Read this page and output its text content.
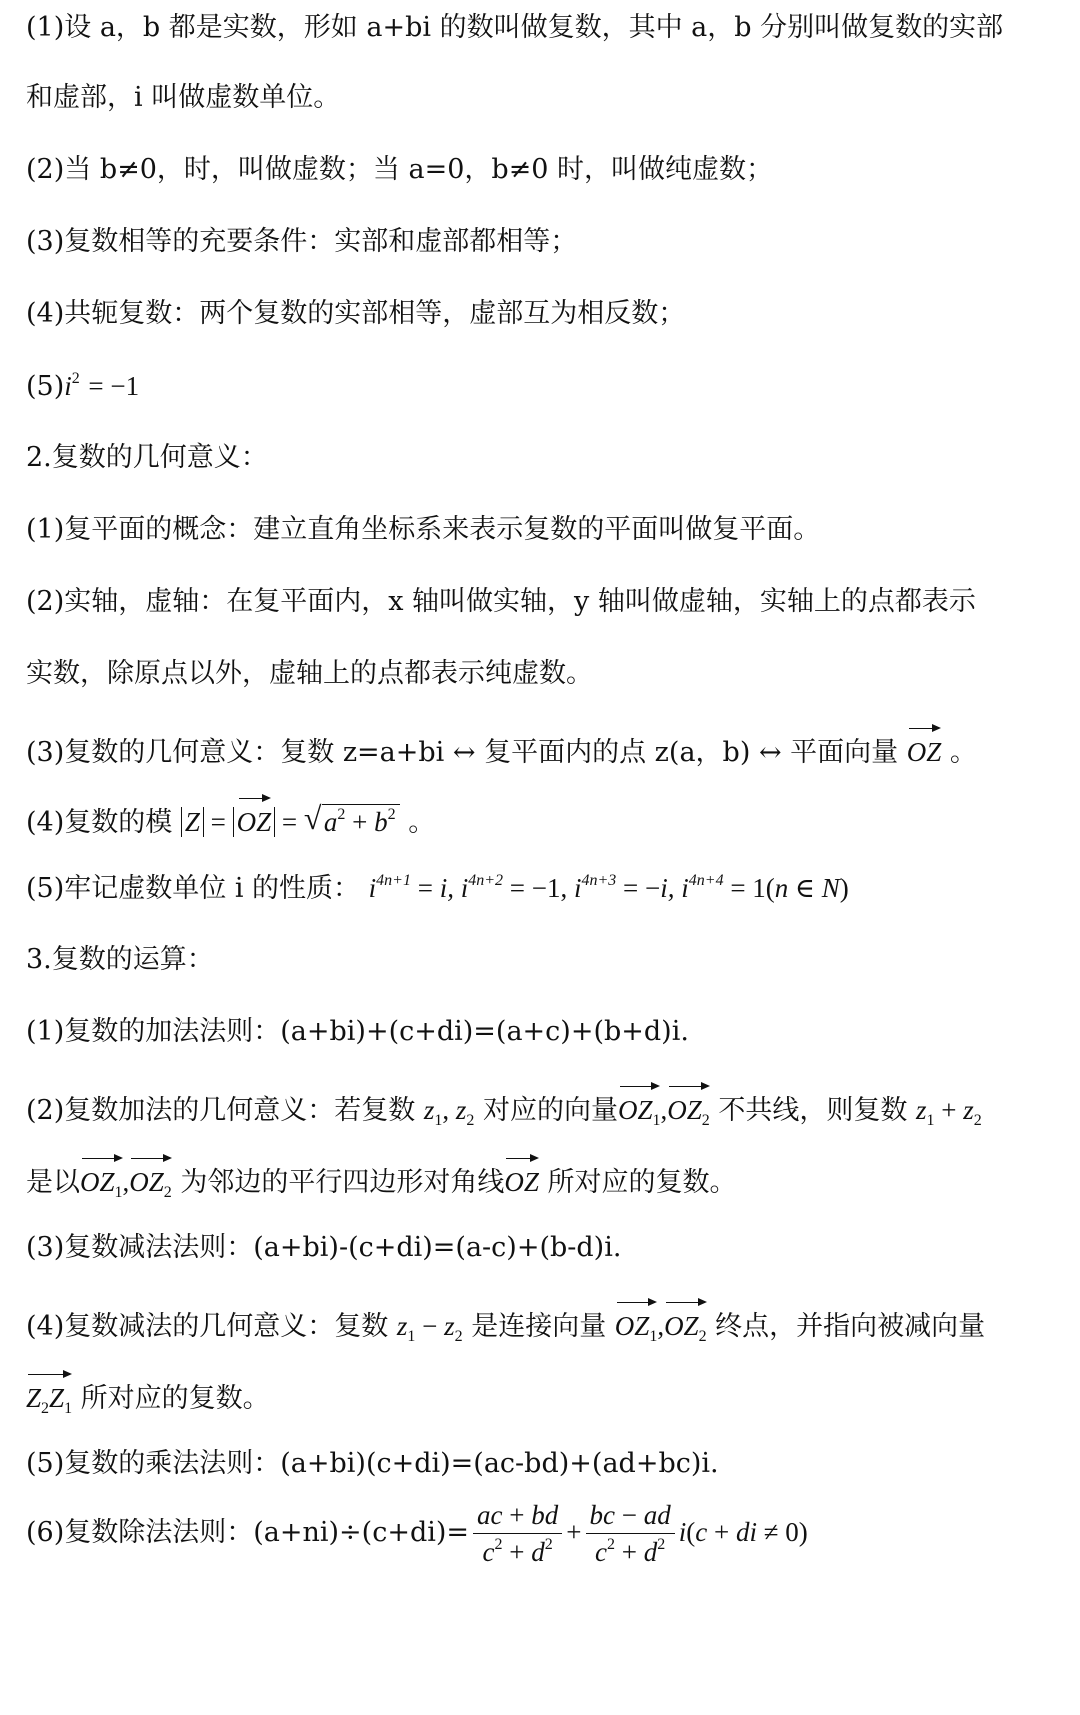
(1)设 a，b 都是实数，形如 a+bi 的数叫做复数，其中 a，b 分别叫做复数的实部
和虚部，i 叫做虚数单位。
(2)当 b≠0，时，叫做虚数；当 a=0，b≠0 时，叫做纯虚数；
(3)复数相等的充要条件：实部和虚部都相等；
(4)共轭复数：两个复数的实部相等，虚部互为相反数；
$(5)i^2 = -1$
2.复数的几何意义：
(1)复平面的概念：建立直角坐标系来表示复数的平面叫做复平面。
(2)实轴，虚轴：在复平面内，x 轴叫做实轴，y 轴叫做虚轴，实轴上的点都表示
实数，除原点以外，虚轴上的点都表示纯虚数。
(3)复数的几何意义：复数 z=a+bi ↔ 复平面内的点 z(a，b) ↔ 平面向量 OZ 。
(4)复数的模 Z = OZ = √ $a^2 + b^2$ 。
(5)牢记虚数单位 i 的性质： $i^{4n+1} = i$, $i^{4n+2} = -1$, $i^{4n+3} = -i$, $i^{4n+4} = 1(n$ ∈ N)
3.复数的运算：
(1)复数的加法法则：(a+bi)+(c+di)=(a+c)+(b+d)i.
(2)复数加法的几何意义：若复数 $z_1$, $z_2$ 对应的向量$OZ_1,OZ_2$ 不共线，则复数 $z_1 + z_2$
是以$OZ_1,OZ_2$ 为邻边的平行四边形对角线OZ 所对应的复数。
(3)复数减法法则：(a+bi)-(c+di)=(a-c)+(b-d)i.
(4)复数减法的几何意义：复数 $z_1 - z_2$ 是连接向量 $OZ_1,OZ_2$ 终点，并指向被减向量
$Z_2Z_1$ 所对应的复数。
(5)复数的乘法法则：(a+bi)(c+di)=(ac-bd)+(ad+bc)i.
(6)复数除法法则：$(a+ni)\div(c+di)= \frac{ac + bd}{c^2 + d^2} + \frac{bc - ad}{c^2 + d^2} i(c$ + di ≠ 0)
